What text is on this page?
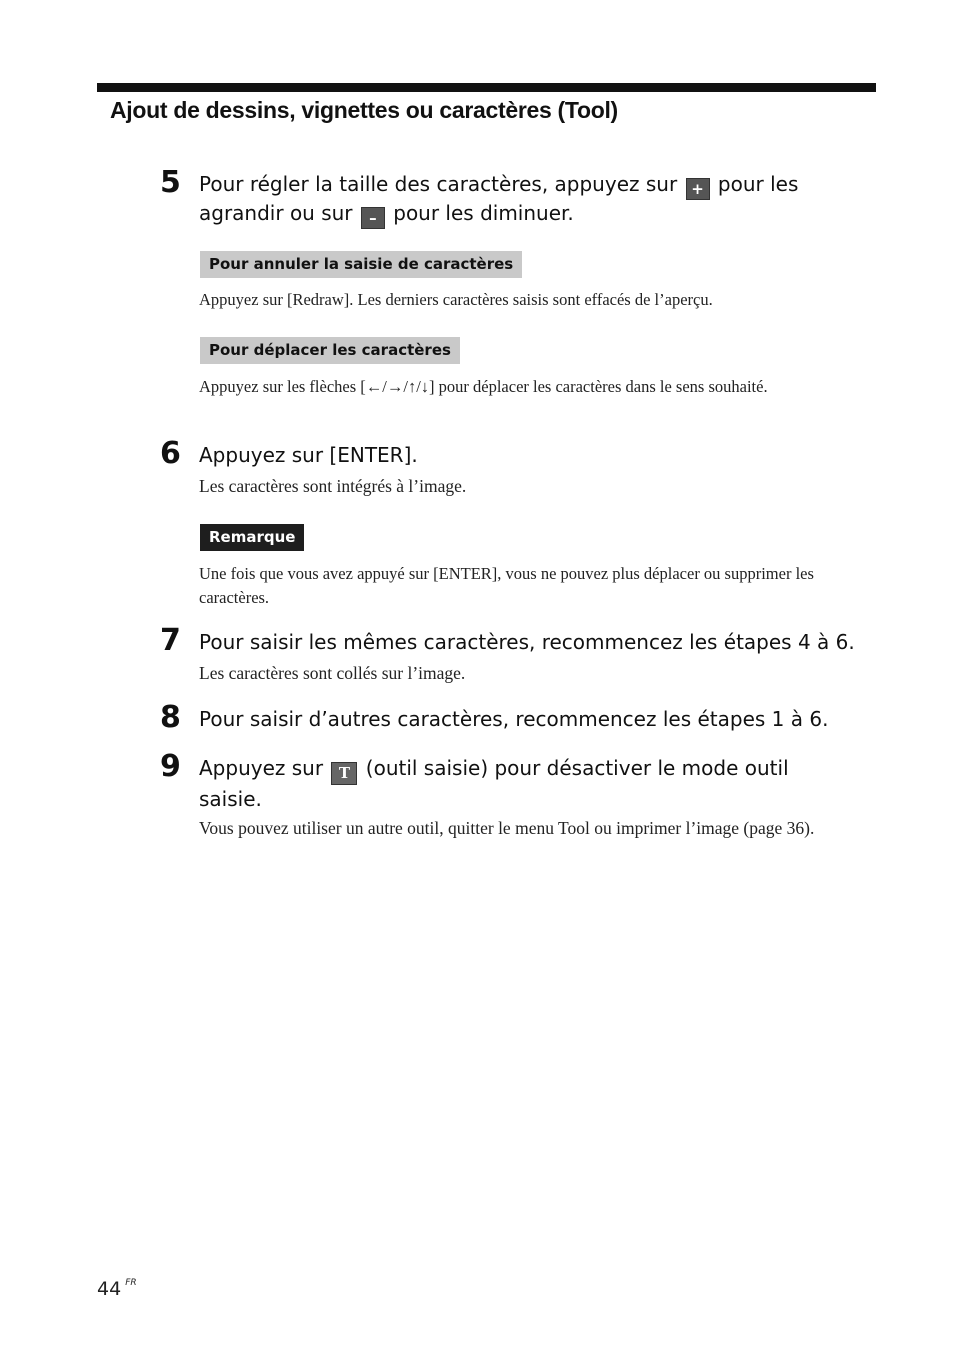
Ajout de dessins, vignettes ou caractères (Tool)
5 Pour régler la taille des caractères, appuyez sur + pour les agrandir ou sur – pour les diminuer.
Pour annuler la saisie de caractères
Appuyez sur [Redraw]. Les derniers caractères saisis sont effacés de l’aperçu.
Pour déplacer les caractères
Appuyez sur les flèches [←/→/↑/↓] pour déplacer les caractères dans le sens souhaité.
6 Appuyez sur [ENTER].
Les caractères sont intégrés à l’image.
Remarque
Une fois que vous avez appuyé sur [ENTER], vous ne pouvez plus déplacer ou supprimer les caractères.
7 Pour saisir les mêmes caractères, recommencez les étapes 4 à 6.
Les caractères sont collés sur l’image.
8 Pour saisir d’autres caractères, recommencez les étapes 1 à 6.
9 Appuyez sur T (outil saisie) pour désactiver le mode outil saisie.
Vous pouvez utiliser un autre outil, quitter le menu Tool ou imprimer l’image (page 36).
44 $^{FR}$
